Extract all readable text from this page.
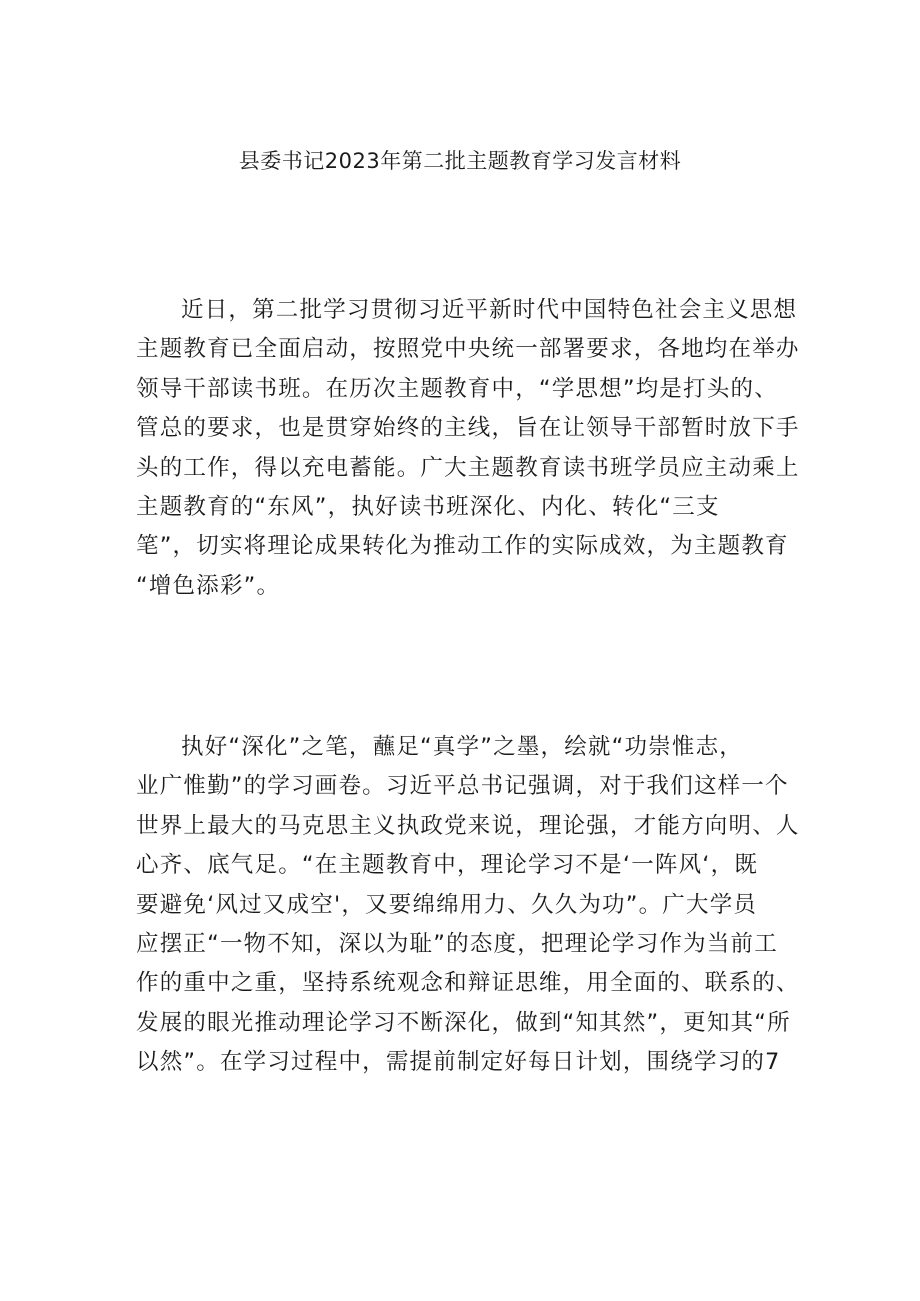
县委书记2023年第二批主题教育学习发言材料
近日，第二批学习贯彻习近平新时代中国特色社会主义思想
主题教育已全面启动，按照党中央统一部署要求，各地均在举办
领导干部读书班。在历次主题教育中，“学思想”均是打头的、
管总的要求，也是贯穿始终的主线，旨在让领导干部暂时放下手
头的工作，得以充电蓄能。广大主题教育读书班学员应主动乘上
主题教育的“东风”，执好读书班深化、内化、转化“三支
笔”，切实将理论成果转化为推动工作的实际成效，为主题教育
“增色添彩”。
执好“深化”之笔，蘸足“真学”之墨，绘就“功崇惟志，
业广惟勤”的学习画卷。习近平总书记强调，对于我们这样一个
世界上最大的马克思主义执政党来说，理论强，才能方向明、人
心齐、底气足。“在主题教育中，理论学习不是‘一阵风‘，既
要避免‘风过又成空'，又要绵绵用力、久久为功”。广大学员
应摆正“一物不知，深以为耻”的态度，把理论学习作为当前工
作的重中之重，坚持系统观念和辩证思维，用全面的、联系的、
发展的眼光推动理论学习不断深化，做到“知其然”，更知其“所
以然”。在学习过程中，需提前制定好每日计划，围绕学习的7
